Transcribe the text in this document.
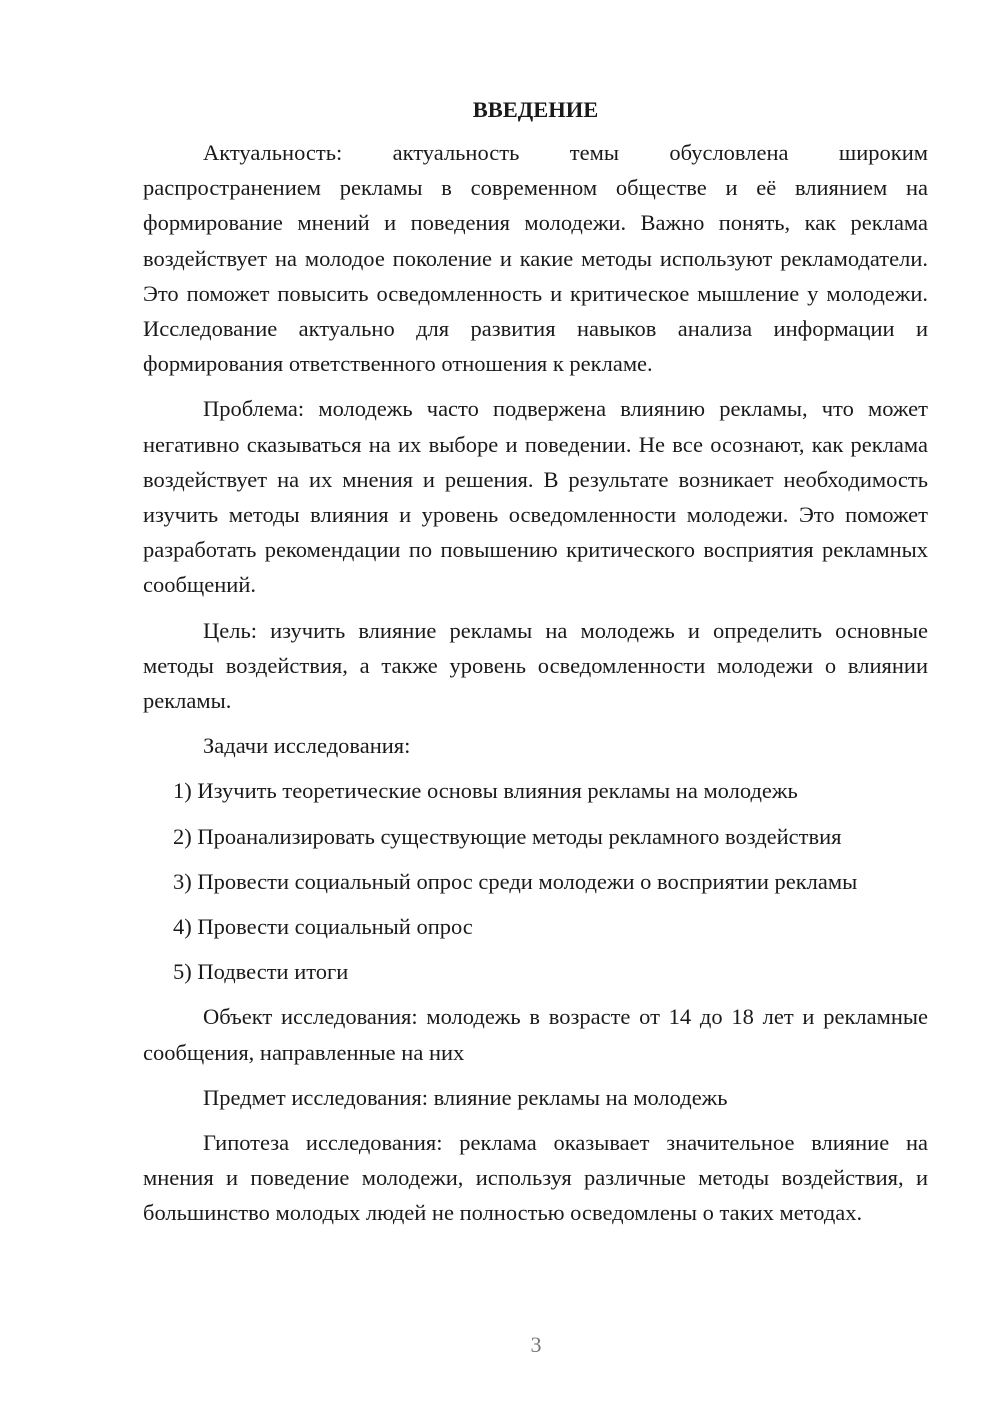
ВВЕДЕНИЕ

Актуальность: актуальность темы обусловлена широким распространением рекламы в современном обществе и её влиянием на формирование мнений и поведения молодежи. Важно понять, как реклама воздействует на молодое поколение и какие методы используют рекламодатели. Это поможет повысить осведомленность и критическое мышление у молодежи. Исследование актуально для развития навыков анализа информации и формирования ответственного отношения к рекламе.

Проблема: молодежь часто подвержена влиянию рекламы, что может негативно сказываться на их выборе и поведении. Не все осознают, как реклама воздействует на их мнения и решения. В результате возникает необходимость изучить методы влияния и уровень осведомленности молодежи. Это поможет разработать рекомендации по повышению критического восприятия рекламных сообщений.

Цель: изучить влияние рекламы на молодежь и определить основные методы воздействия, а также уровень осведомленности молодежи о влиянии рекламы.

Задачи исследования:

1) Изучить теоретические основы влияния рекламы на молодежь
2) Проанализировать существующие методы рекламного воздействия
3) Провести социальный опрос среди молодежи о восприятии рекламы
4) Провести социальный опрос
5) Подвести итоги

Объект исследования: молодежь в возрасте от 14 до 18 лет и рекламные сообщения, направленные на них

Предмет исследования: влияние рекламы на молодежь

Гипотеза исследования: реклама оказывает значительное влияние на мнения и поведение молодежи, используя различные методы воздействия, и большинство молодых людей не полностью осведомлены о таких методах.

3
